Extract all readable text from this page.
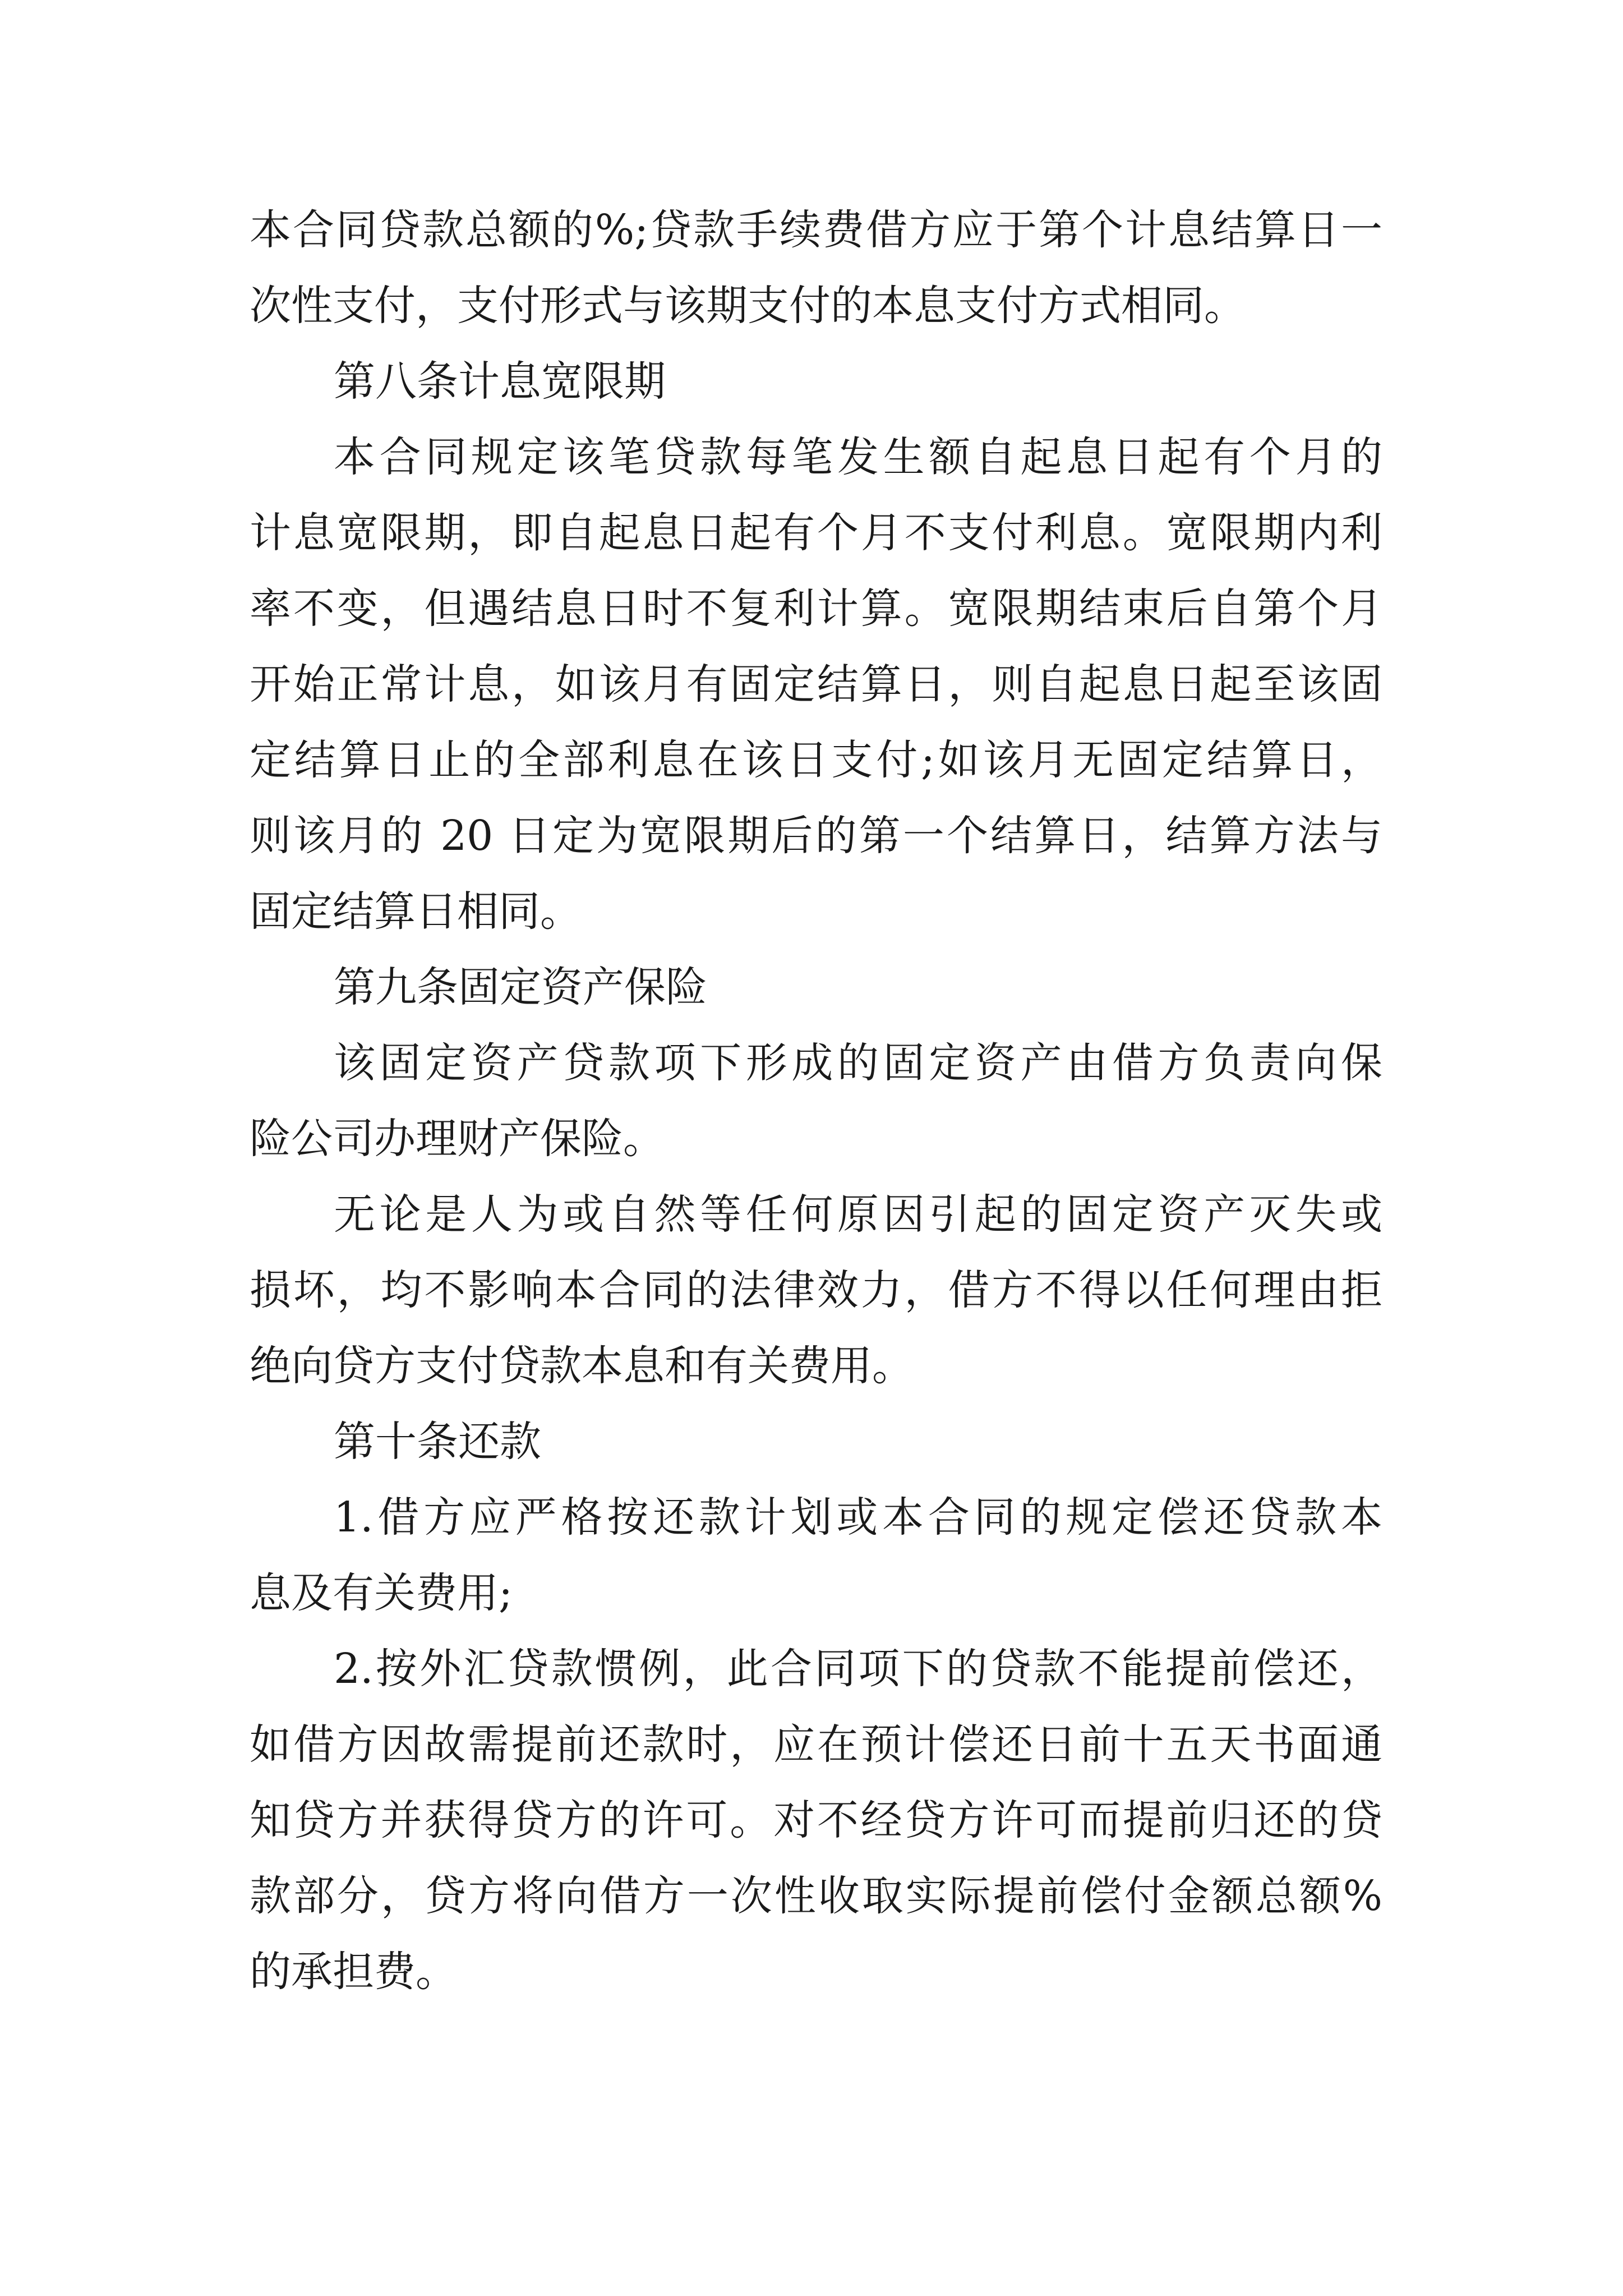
本合同贷款总额的%;贷款手续费借方应于第个计息结算日一
次性支付，支付形式与该期支付的本息支付方式相同。
第八条计息宽限期
本合同规定该笔贷款每笔发生额自起息日起有个月的
计息宽限期，即自起息日起有个月不支付利息。宽限期内利
率不变，但遇结息日时不复利计算。宽限期结束后自第个月
开始正常计息，如该月有固定结算日，则自起息日起至该固
定结算日止的全部利息在该日支付;如该月无固定结算日，
则该月的 20 日定为宽限期后的第一个结算日，结算方法与
固定结算日相同。
第九条固定资产保险
该固定资产贷款项下形成的固定资产由借方负责向保
险公司办理财产保险。
无论是人为或自然等任何原因引起的固定资产灭失或
损坏，均不影响本合同的法律效力，借方不得以任何理由拒
绝向贷方支付贷款本息和有关费用。
第十条还款
1.借方应严格按还款计划或本合同的规定偿还贷款本
息及有关费用;
2.按外汇贷款惯例，此合同项下的贷款不能提前偿还，
如借方因故需提前还款时，应在预计偿还日前十五天书面通
知贷方并获得贷方的许可。对不经贷方许可而提前归还的贷
款部分，贷方将向借方一次性收取实际提前偿付金额总额%
的承担费。
